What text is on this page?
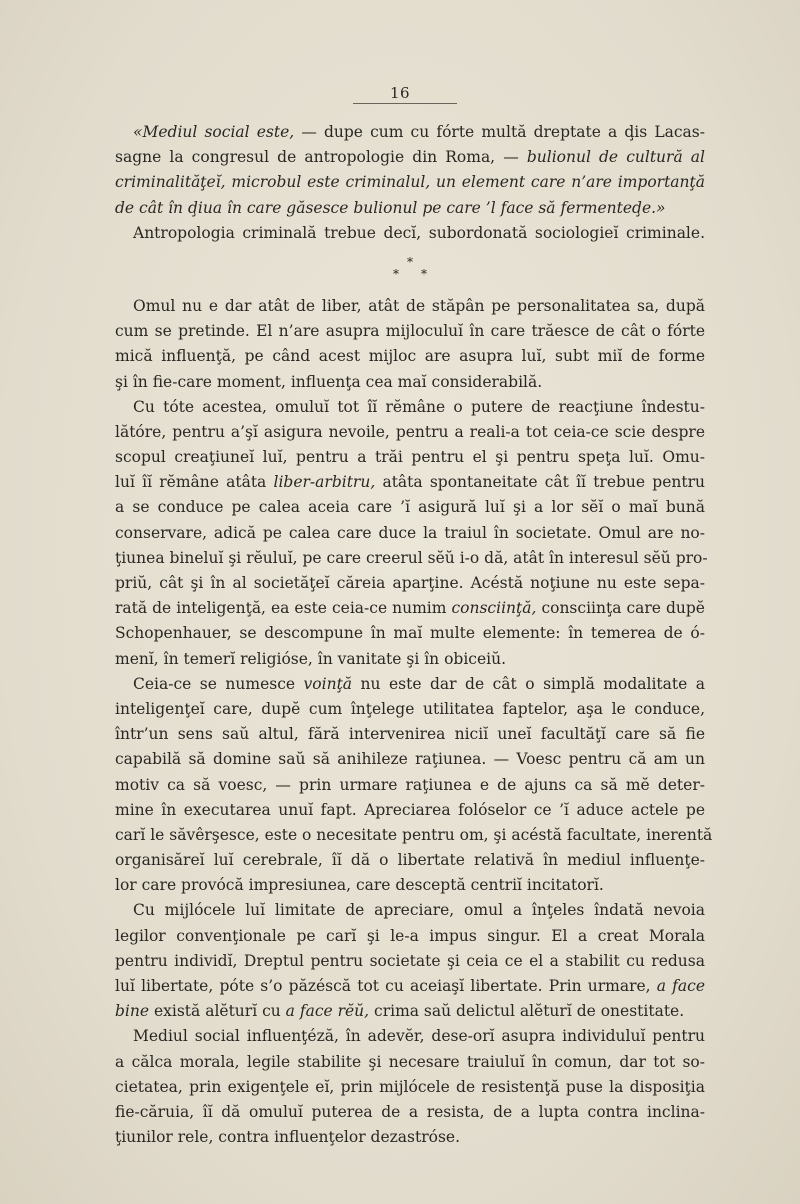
16
«Mediul social este, — dupe cum cu fórte multă dreptate a ḑis Lacas-
sagne la congresul de antropologie din Roma, — bulionul de cultură al
criminalităţeĭ, microbul este criminalul, un element care n’are importanţă
de cât în ḑiua în care găsesce bulionul pe care ’l face să fermenteḑe.»
Antropologia criminală trebue decĭ, subordonată sociologieĭ criminale.
*
**
Omul nu e dar atât de liber, atât de stăpân pe personalitatea sa, după
cum se pretinde. El n’are asupra mijloculuĭ în care trăesce de cât o fórte
mică influenţă, pe când acest mijloc are asupra luĭ, subt miĭ de forme
şi în fie-care moment, influenţa cea maĭ considerabilă.
Cu tóte acestea, omuluĭ tot îĭ rĕmâne o putere de reacţiune îndestu-
lătóre, pentru a’şĭ asigura nevoile, pentru a reali-a tot ceia-ce scie despre
scopul creaţiuneĭ luĭ, pentru a trăi pentru el şi pentru speţa luĭ. Omu-
luĭ îĭ rĕmâne atâta liber-arbitru, atâta spontaneitate cât îĭ trebue pentru
a se conduce pe calea aceia care ’ĭ asigură luĭ şi a lor sĕĭ o maĭ bună
conservare, adică pe calea care duce la traiul în societate. Omul are no-
ţiunea bineluĭ şi rĕuluĭ, pe care creerul sĕŭ i-o dă, atât în interesul sĕŭ pro-
priŭ, cât şi în al societăţeĭ căreia aparţine. Acéstă noţiune nu este sepa-
rată de inteligenţă, ea este ceia-ce numim consciinţă, consciinţa care dupĕ
Schopenhauer, se descompune în maĭ multe elemente: în temerea de ó-
menĭ, în temerĭ religióse, în vanitate şi în obiceiŭ.
Ceia-ce se numesce voinţă nu este dar de cât o simplă modalitate a
inteligenţeĭ care, dupĕ cum înţelege utilitatea faptelor, aşa le conduce,
într’un sens saŭ altul, fără intervenirea niciĭ uneĭ facultăţĭ care să fie
capabilă să domine saŭ să anihileze raţiunea. — Voesc pentru că am un
motiv ca să voesc, — prin urmare raţiunea e de ajuns ca să mĕ deter-
mine în executarea unuĭ fapt. Apreciarea folóselor ce ’ĭ aduce actele pe
carĭ le săvêrşesce, este o necesitate pentru om, şi acéstă facultate, inerentă
organisăreĭ luĭ cerebrale, îĭ dă o libertate relativă în mediul influenţe-
lor care provócă impresiunea, care desceptă centriĭ incitatorĭ.
Cu mijlócele luĭ limitate de apreciare, omul a înţeles îndată nevoia
legilor convenţionale pe carĭ şi le-a impus singur. El a creat Morala
pentru individĭ, Dreptul pentru societate şi ceia ce el a stabilit cu redusa
luĭ libertate, póte s’o păzéscă tot cu aceiaşĭ libertate. Prin urmare, a face
bine există alĕturĭ cu a face rĕŭ, crima saŭ delictul alĕturĭ de onestitate.
Mediul social influenţéză, în adevĕr, dese-orĭ asupra individuluĭ pentru
a călca morala, legile stabilite şi necesare traiuluĭ în comun, dar tot so-
cietatea, prin exigenţele eĭ, prin mijlócele de resistenţă puse la disposiţia
fie-căruia, îĭ dă omuluĭ puterea de a resista, de a lupta contra inclina-
ţiunilor rele, contra influenţelor dezastróse.
